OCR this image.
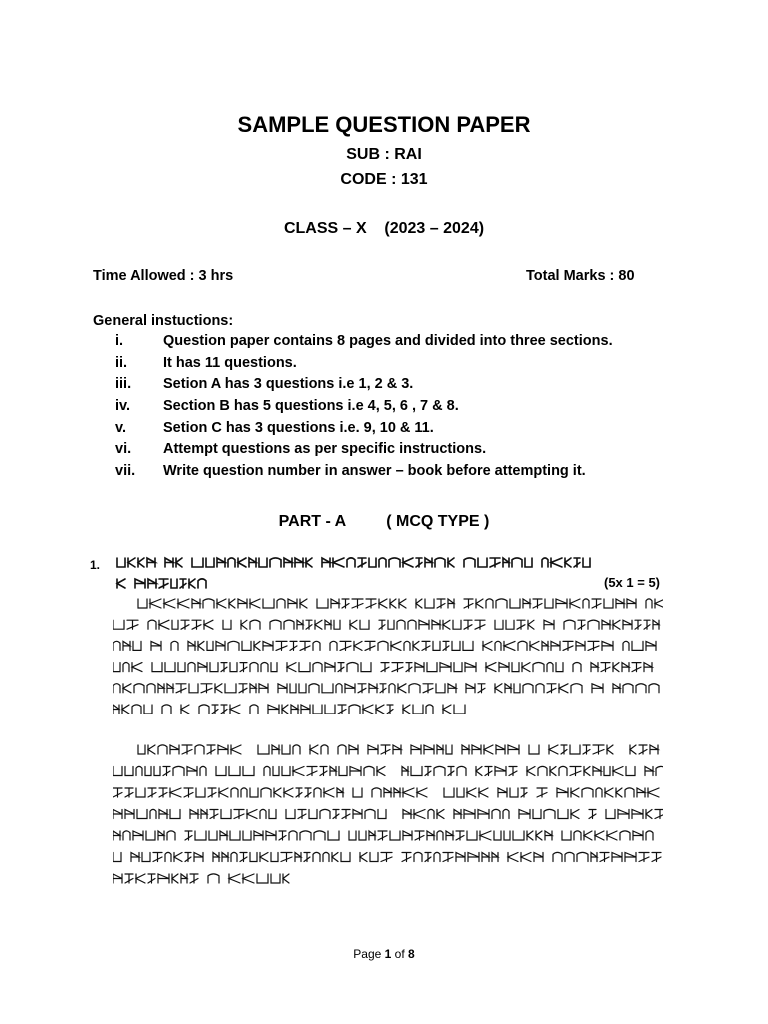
SAMPLE QUESTION PAPER
SUB : RAI
CODE : 131
CLASS – X (2023 – 2024)
Time Allowed : 3 hrs	Total Marks : 80
General instuctions:
i.	Question paper contains 8 pages and divided into three sections.
ii.	It has 11 questions.
iii.	Setion A has 3 questions i.e 1, 2 & 3.
iv.	Section B has 5 questions i.e 4, 5, 6 , 7 & 8.
v.	Setion C has 3 questions i.e. 9, 10 & 11.
vi.	Attempt questions as per specific instructions.
vii.	Write question number in answer – book before attempting it.
PART - A	( MCQ TYPE )
1.
(5x 1 = 5)
Page 1 of 8
